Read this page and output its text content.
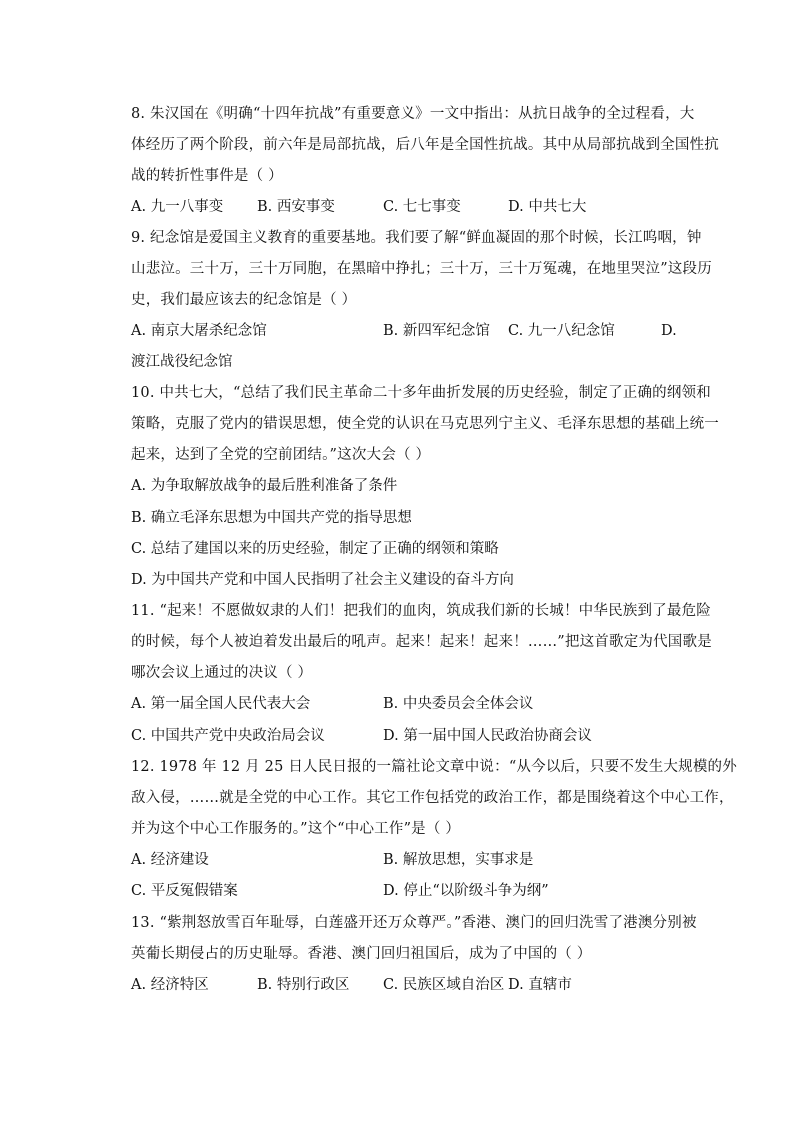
8. 朱汉国在《明确“十四年抗战”有重要意义》一文中指出：从抗日战争的全过程看，大
体经历了两个阶段，前六年是局部抗战，后八年是全国性抗战。其中从局部抗战到全国性抗
战的转折性事件是（ ）
A. 九一八事变 B. 西安事变	C. 七七事变	D. 中共七大
9. 纪念馆是爱国主义教育的重要基地。我们要了解“鲜血凝固的那个时候，长江呜咽，钟
山悲泣。三十万，三十万同胞，在黑暗中挣扎；三十万，三十万冤魂，在地里哭泣”这段历
史，我们最应该去的纪念馆是（ ）
A. 南京大屠杀纪念馆	B. 新四军纪念馆 C. 九一八纪念馆	D.
渡江战役纪念馆
10. 中共七大，“总结了我们民主革命二十多年曲折发展的历史经验，制定了正确的纲领和
策略，克服了党内的错误思想，使全党的认识在马克思列宁主义、毛泽东思想的基础上统一
起来，达到了全党的空前团结。”这次大会（ ）
A. 为争取解放战争的最后胜利准备了条件
B. 确立毛泽东思想为中国共产党的指导思想
C. 总结了建国以来的历史经验，制定了正确的纲领和策略
D. 为中国共产党和中国人民指明了社会主义建设的奋斗方向
11. “起来！不愿做奴隶的人们！把我们的血肉，筑成我们新的长城！中华民族到了最危险
的时候，每个人被迫着发出最后的吼声。起来！起来！起来！……”把这首歌定为代国歌是
哪次会议上通过的决议（ ）
A. 第一届全国人民代表大会	B. 中央委员会全体会议
C. 中国共产党中央政治局会议	D. 第一届中国人民政治协商会议
12. 1978 年 12 月 25 日人民日报的一篇社论文章中说：“从今以后，只要不发生大规模的外
敌入侵，……就是全党的中心工作。其它工作包括党的政治工作，都是围绕着这个中心工作，
并为这个中心工作服务的。”这个“中心工作”是（ ）
A. 经济建设	B. 解放思想，实事求是
C. 平反冤假错案	D. 停止“以阶级斗争为纲”
13. “紫荆怒放雪百年耻辱，白莲盛开还万众尊严。”香港、澳门的回归洗雪了港澳分别被
英葡长期侵占的历史耻辱。香港、澳门回归祖国后，成为了中国的（ ）
A. 经济特区	B. 特别行政区 C. 民族区域自治区 D. 直辖市
